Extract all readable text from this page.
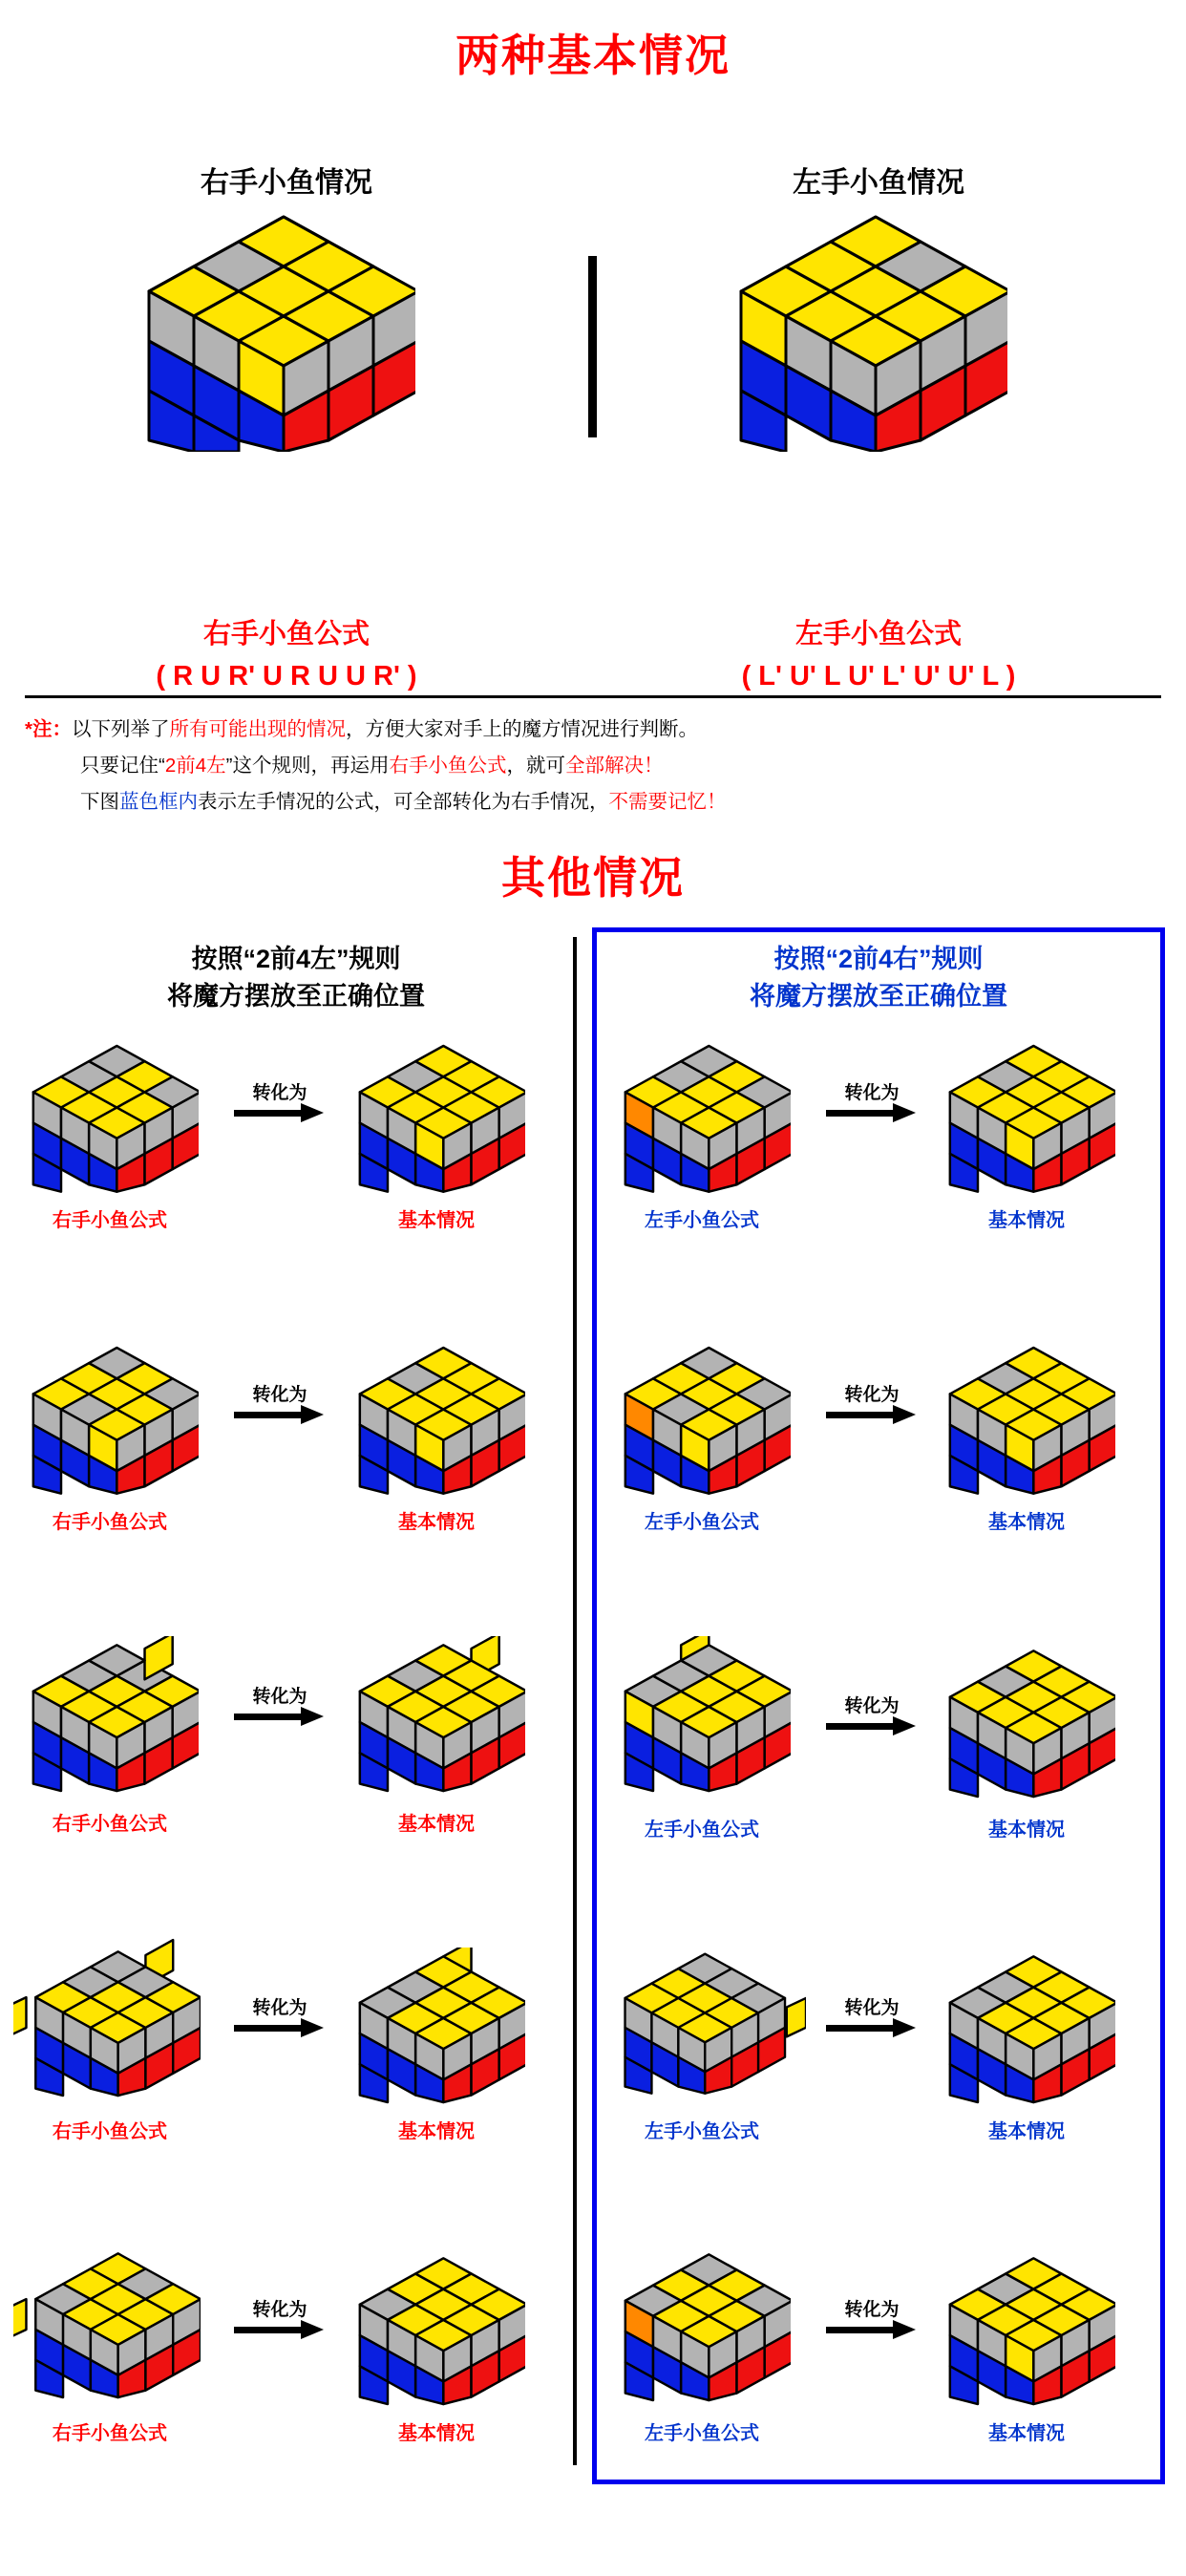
两种基本情况
右手小鱼情况	左手小鱼情况
右手小鱼公式
( R U R' U R U U R' )
左手小鱼公式
( L' U' L U' L' U' U' L )
*注：以下列举了所有可能出现的情况，方便大家对手上的魔方情况进行判断。
只要记住“2前4左”这个规则，再运用右手小鱼公式，就可全部解决！
下图蓝色框内表示左手情况的公式，可全部转化为右手情况，不需要记忆！
其他情况
按照“2前4左”规则
将魔方摆放至正确位置
转化为
右手小鱼公式	基本情况
转化为
右手小鱼公式	基本情况
转化为
右手小鱼公式	基本情况
转化为
右手小鱼公式	基本情况
转化为
右手小鱼公式	基本情况
按照“2前4右”规则
将魔方摆放至正确位置
转化为
左手小鱼公式	基本情况
转化为
左手小鱼公式	基本情况
转化为
左手小鱼公式	基本情况
转化为
左手小鱼公式	基本情况
转化为
左手小鱼公式	基本情况
